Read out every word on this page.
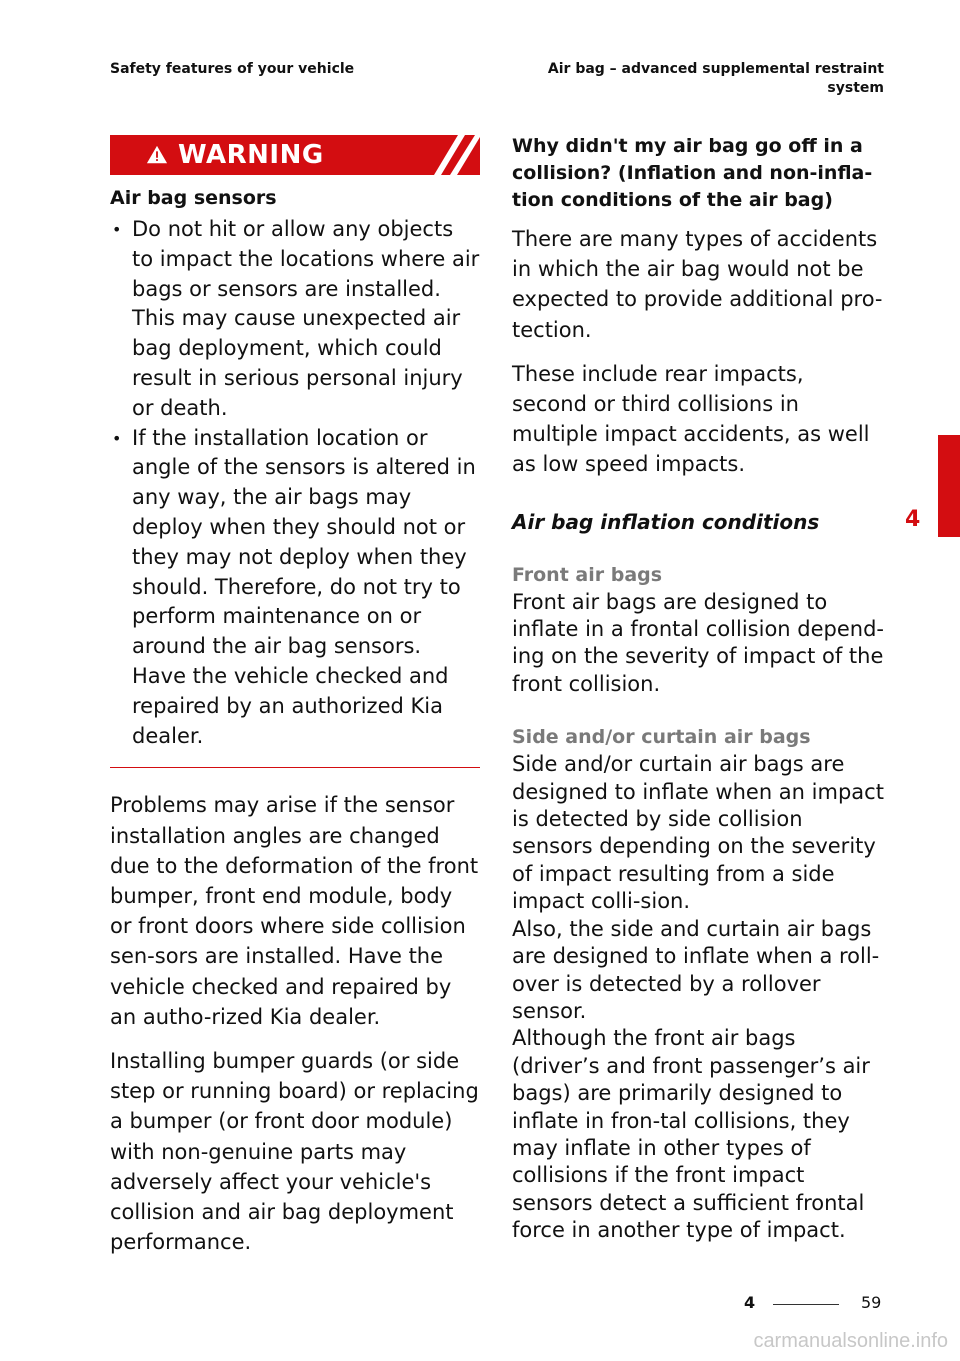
Safety features of your vehicle	Air bag – advanced supplemental restraint system
WARNING
Air bag sensors
• Do not hit or allow any objects to impact the locations where air bags or sensors are installed. This may cause unexpected air bag deployment, which could result in serious personal injury or death.
• If the installation location or angle of the sensors is altered in any way, the air bags may deploy when they should not or they may not deploy when they should. Therefore, do not try to perform maintenance on or around the air bag sensors. Have the vehicle checked and repaired by an authorized Kia dealer.

Problems may arise if the sensor installation angles are changed due to the deformation of the front bumper, front end module, body or front doors where side collision sen-sors are installed. Have the vehicle checked and repaired by an autho-rized Kia dealer.

Installing bumper guards (or side step or running board) or replacing a bumper (or front door module) with non-genuine parts may adversely affect your vehicle's collision and air bag deployment performance.

Why didn't my air bag go off in a collision? (Inflation and non-infla-tion conditions of the air bag)

There are many types of accidents in which the air bag would not be expected to provide additional pro-tection.

These include rear impacts, second or third collisions in multiple impact accidents, as well as low speed impacts.

Air bag inflation conditions
Front air bags

Front air bags are designed to inflate in a frontal collision depend-ing on the severity of impact of the front collision.

Side and/or curtain air bags

Side and/or curtain air bags are designed to inflate when an impact is detected by side collision sensors depending on the severity of impact resulting from a side impact colli-sion.

Also, the side and curtain air bags are designed to inflate when a roll-over is detected by a rollover sensor.

Although the front air bags (driver’s and front passenger’s air bags) are primarily designed to inflate in fron-tal collisions, they may inflate in other types of collisions if the front impact sensors detect a sufficient frontal force in another type of impact.

4
4	59
carmanualsonline.info
